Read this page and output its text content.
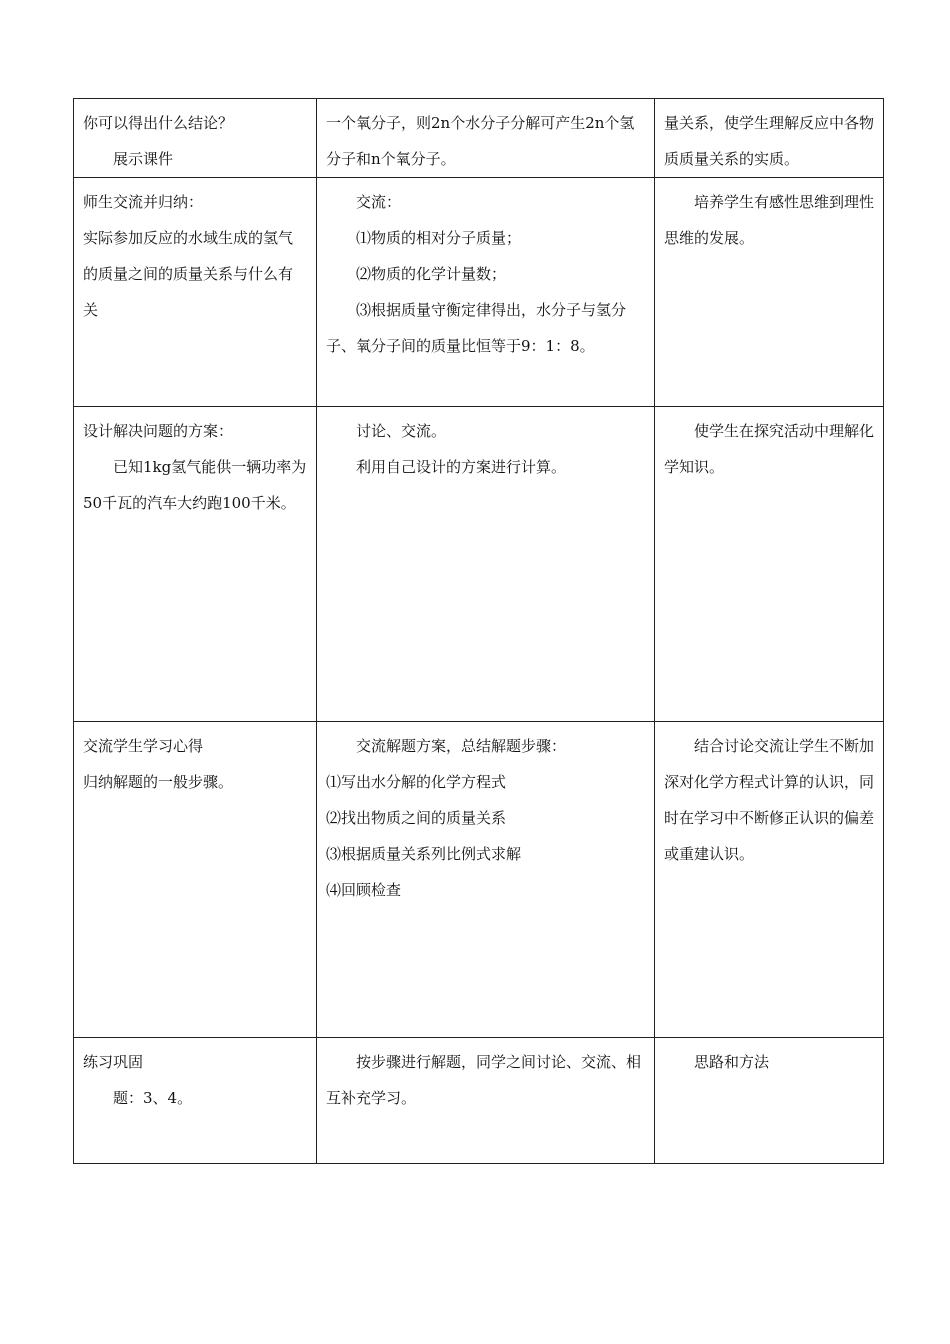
你可以得出什么结论？
展示课件	一个氧分子，则2n个水分子分解可产生2n个氢分子和n个氧分子。	量关系，使学生理解反应中各物质质量关系的实质。

师生交流并归纳：
实际参加反应的水域生成的氢气的质量之间的质量关系与什么有关	交流：
⑴物质的相对分子质量；
⑵物质的化学计量数；
⑶根据质量守衡定律得出，水分子与氢分子、氧分子间的质量比恒等于9：1：8。	培养学生有感性思维到理性思维的发展。

设计解决问题的方案：
已知1kg氢气能供一辆功率为50千瓦的汽车大约跑100千米。	讨论、交流。
利用自己设计的方案进行计算。	使学生在探究活动中理解化学知识。

交流学生学习心得
归纳解题的一般步骤。	交流解题方案，总结解题步骤：
⑴写出水分解的化学方程式
⑵找出物质之间的质量关系
⑶根据质量关系列比例式求解
⑷回顾检查	结合讨论交流让学生不断加深对化学方程式计算的认识，同时在学习中不断修正认识的偏差或重建认识。

练习巩固
题：3、4。	按步骤进行解题，同学之间讨论、交流、相互补充学习。	思路和方法
